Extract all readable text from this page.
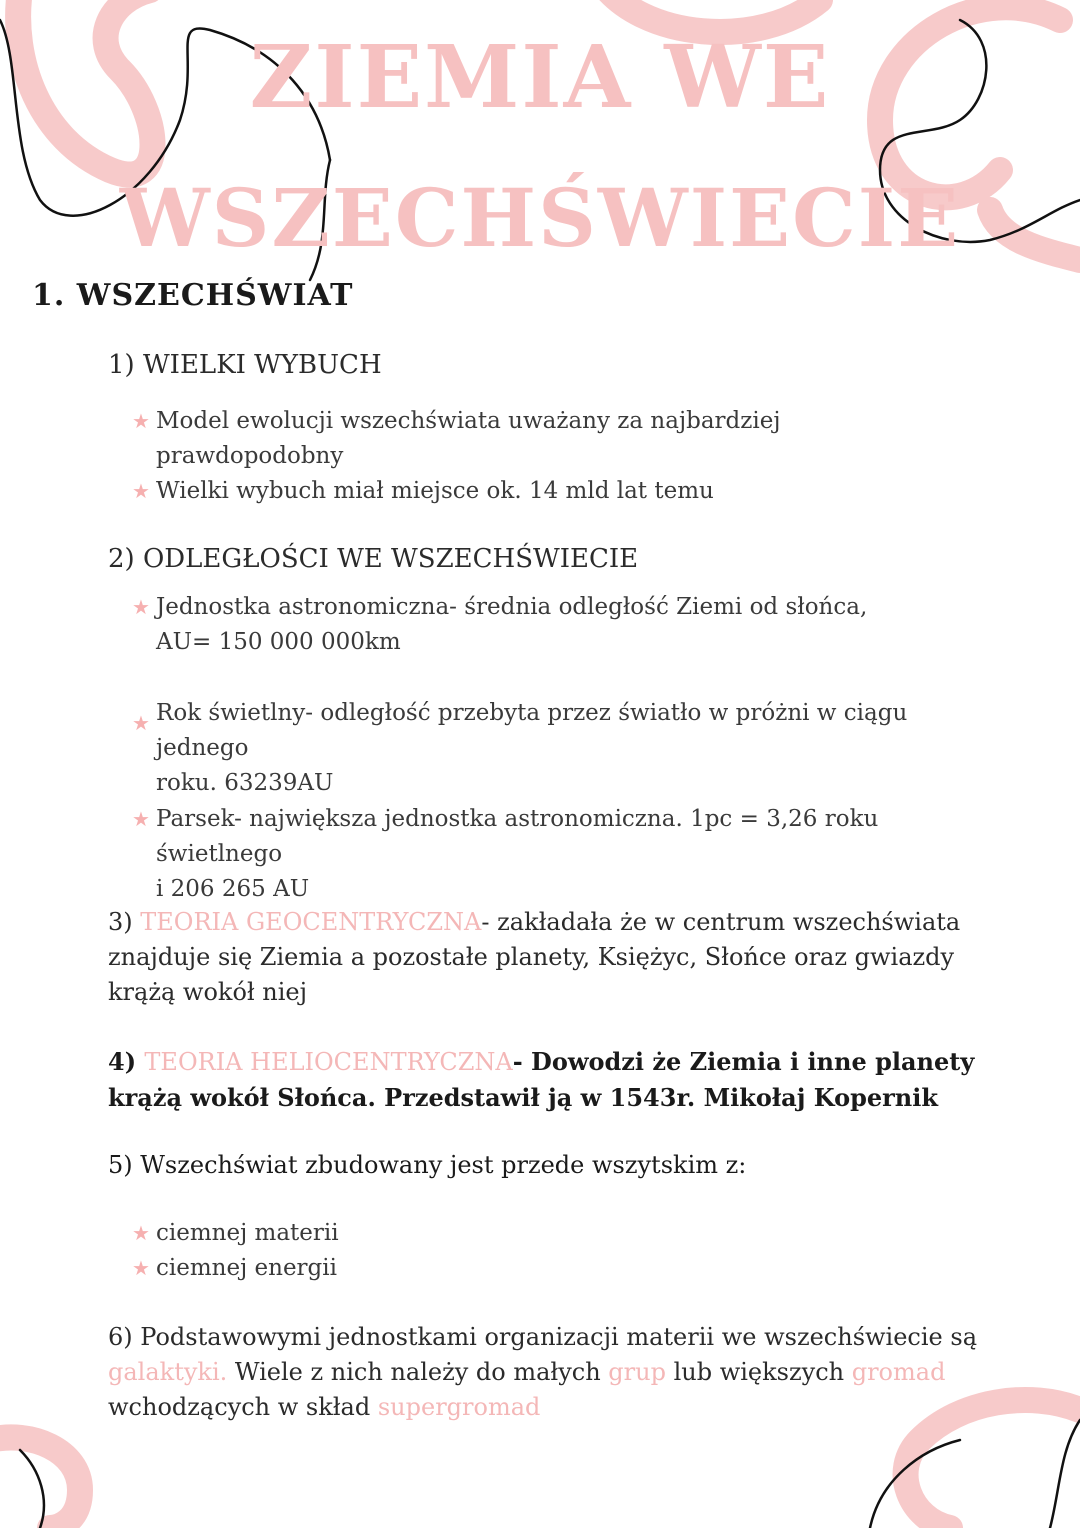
ZIEMIA WE
WSZECHŚWIECIE
1. WSZECHŚWIAT
1) WIELKI WYBUCH
★ Model ewolucji wszechświata uważany za najbardziej prawdopodobny
★ Wielki wybuch miał miejsce ok. 14 mld lat temu
2) ODLEGŁOŚCI WE WSZECHŚWIECIE
★ Jednostka astronomiczna- średnia odległość Ziemi od słońca,
AU= 150 000 000km
★ Rok świetlny- odległość przebyta przez światło w próżni w ciągu jednego
roku. 63239AU
★ Parsek- największa jednostka astronomiczna. 1pc = 3,26 roku świetlnego
i 206 265 AU
3) TEORIA GEOCENTRYCZNA- zakładała że w centrum wszechświata znajduje się Ziemia a pozostałe planety, Księżyc, Słońce oraz gwiazdy krążą wokół niej
4) TEORIA HELIOCENTRYCZNA- Dowodzi że Ziemia i inne planety krążą wokół Słońca. Przedstawił ją w 1543r. Mikołaj Kopernik
5) Wszechświat zbudowany jest przede wszytskim z:
★ ciemnej materii
★ ciemnej energii
6) Podstawowymi jednostkami organizacji materii we wszechświecie są galaktyki. Wiele z nich należy do małych grup lub większych gromad wchodzących w skład supergromad
